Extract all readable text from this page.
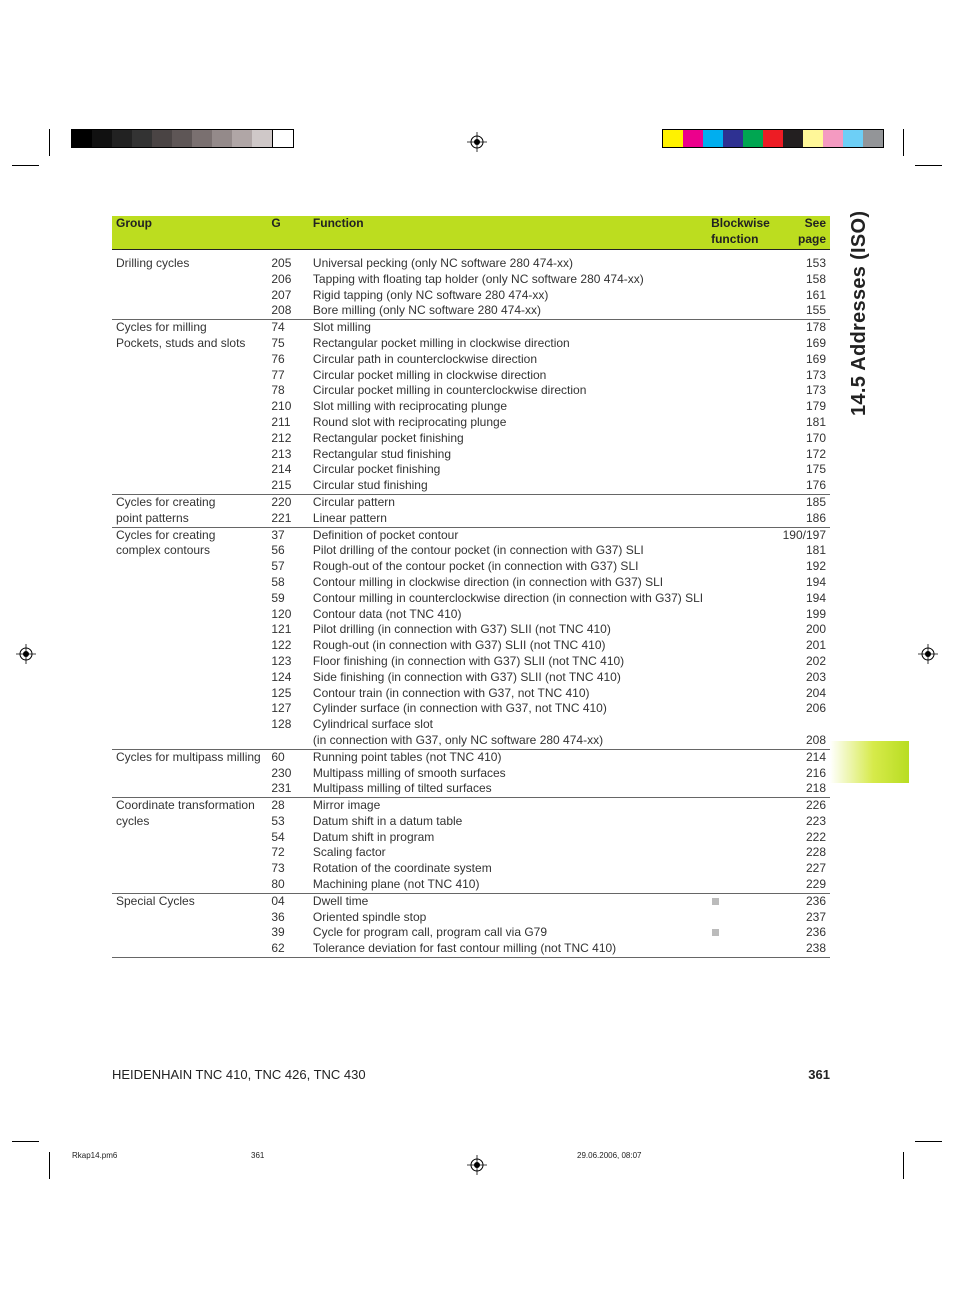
14.5 Addresses (ISO)
Group	G	Function	Blockwise
function	See
page
Drilling cycles	205	Universal pecking (only NC software 280 474-xx)		153
	206	Tapping with floating tap holder (only NC software 280 474-xx)		158
	207	Rigid tapping (only NC software 280 474-xx)		161
	208	Bore milling (only NC software 280 474-xx)		155
Cycles for milling	74	Slot milling		178
Pockets, studs and slots	75	Rectangular pocket milling in clockwise direction		169
	76	Circular path in counterclockwise direction		169
	77	Circular pocket milling in clockwise direction		173
	78	Circular pocket milling in counterclockwise direction		173
	210	Slot milling with reciprocating plunge		179
	211	Round slot with reciprocating plunge		181
	212	Rectangular pocket finishing		170
	213	Rectangular stud finishing		172
	214	Circular pocket finishing		175
	215	Circular stud finishing		176
Cycles for creating	220	Circular pattern		185
point patterns	221	Linear pattern		186
Cycles for creating	37	Definition of pocket contour		190/197
complex contours	56	Pilot drilling of the contour pocket (in connection with G37) SLI		181
	57	Rough-out of the contour pocket (in connection with G37) SLI		192
	58	Contour milling in clockwise direction (in connection with G37) SLI		194
	59	Contour milling in counterclockwise direction (in connection with G37) SLI		194
	120	Contour data (not TNC 410)		199
	121	Pilot drilling (in connection with G37) SLII (not TNC 410)		200
	122	Rough-out (in connection with G37) SLII (not TNC 410)		201
	123	Floor finishing (in connection with G37) SLII (not TNC 410)		202
	124	Side finishing (in connection with G37) SLII (not TNC 410)		203
	125	Contour train (in connection with G37, not TNC 410)		204
	127	Cylinder surface (in connection with G37, not TNC 410)		206
	128	Cylindrical surface slot		
		(in connection with G37, only NC software 280 474-xx)		208
Cycles for multipass milling	60	Running point tables (not TNC 410)		214
	230	Multipass milling of smooth surfaces		216
	231	Multipass milling of tilted surfaces		218
Coordinate transformation	28	Mirror image		226
cycles	53	Datum shift in a datum table		223
	54	Datum shift in program		222
	72	Scaling factor		228
	73	Rotation of the coordinate system		227
	80	Machining plane (not TNC 410)		229
Special Cycles	04	Dwell time		236
	36	Oriented spindle stop		237
	39	Cycle for program call, program call via G79		236
	62	Tolerance deviation for fast contour milling (not TNC 410)		238
HEIDENHAIN TNC 410, TNC 426, TNC 430	361
Rkap14.pm6	361	29.06.2006, 08:07
